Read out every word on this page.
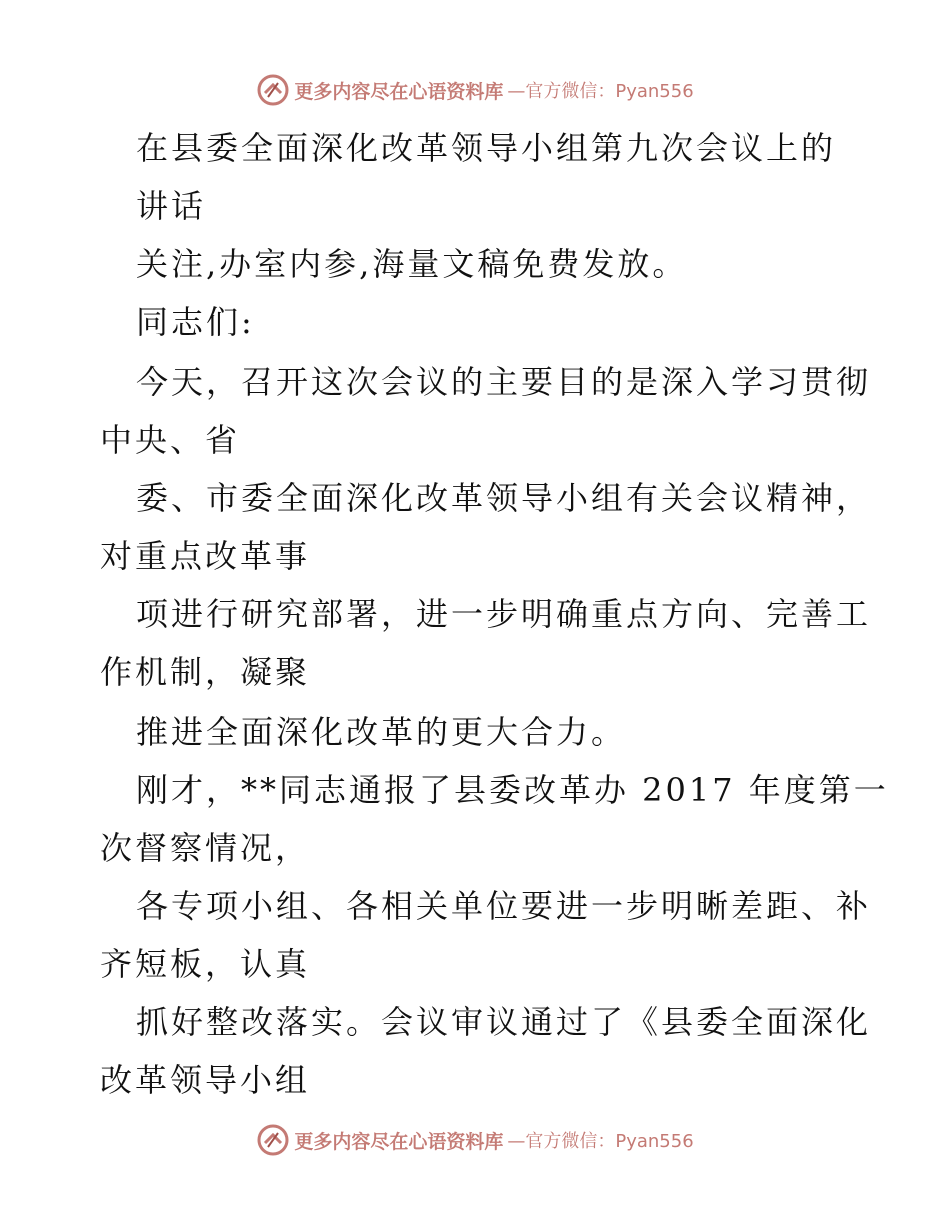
更多内容尽在心语资料库 —官方微信：Pyan556
在县委全面深化改革领导小组第九次会议上的
讲话
关注,办室内参,海量文稿免费发放。
同志们:
今天，召开这次会议的主要目的是深入学习贯彻
中央、省
委、市委全面深化改革领导小组有关会议精神，
对重点改革事
项进行研究部署，进一步明确重点方向、完善工
作机制，凝聚
推进全面深化改革的更大合力。
刚才，**同志通报了县委改革办 2017 年度第一
次督察情况，
各专项小组、各相关单位要进一步明晰差距、补
齐短板，认真
抓好整改落实。会议审议通过了《县委全面深化
改革领导小组
更多内容尽在心语资料库 —官方微信：Pyan556
